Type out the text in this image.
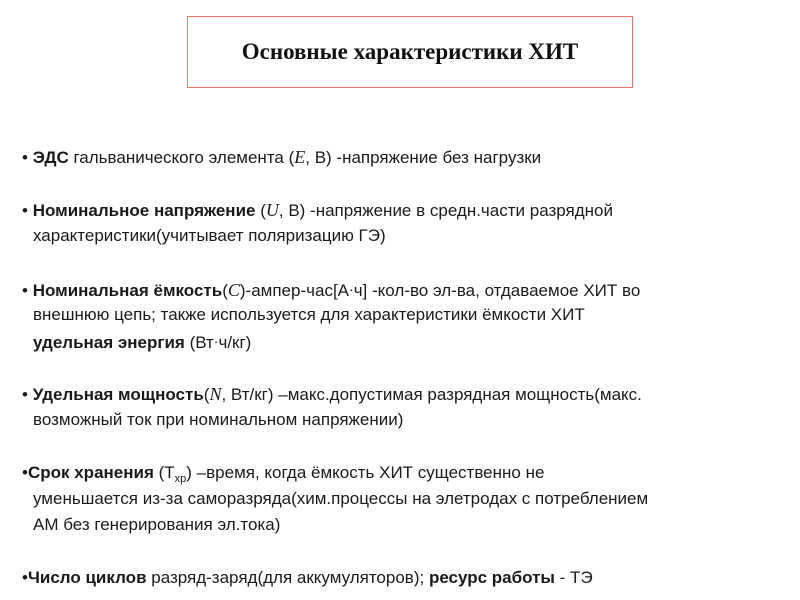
Основные характеристики ХИТ
• ЭДС гальванического элемента (E, В) -напряжение без нагрузки
• Номинальное напряжение (U, В) -напряжение в средн.части разрядной
характеристики(учитывает поляризацию ГЭ)
• Номинальная ёмкость(C)-ампер-час[А·ч] -кол-во эл-ва, отдаваемое ХИТ во
внешнюю цепь; также используется для характеристики ёмкости ХИТ
удельная энергия (Вт·ч/кг)
• Удельная мощность(N, Вт/кг) –макс.допустимая разрядная мощность(макс.
возможный ток при номинальном напряжении)
•Срок хранения $(Т_{хр})$ –время, когда ёмкость ХИТ существенно не
уменьшается из-за саморазряда(хим.процессы на элетродах с потреблением
АМ без генерирования эл.тока)
•Число циклов разряд-заряд(для аккумуляторов); ресурс работы - ТЭ
